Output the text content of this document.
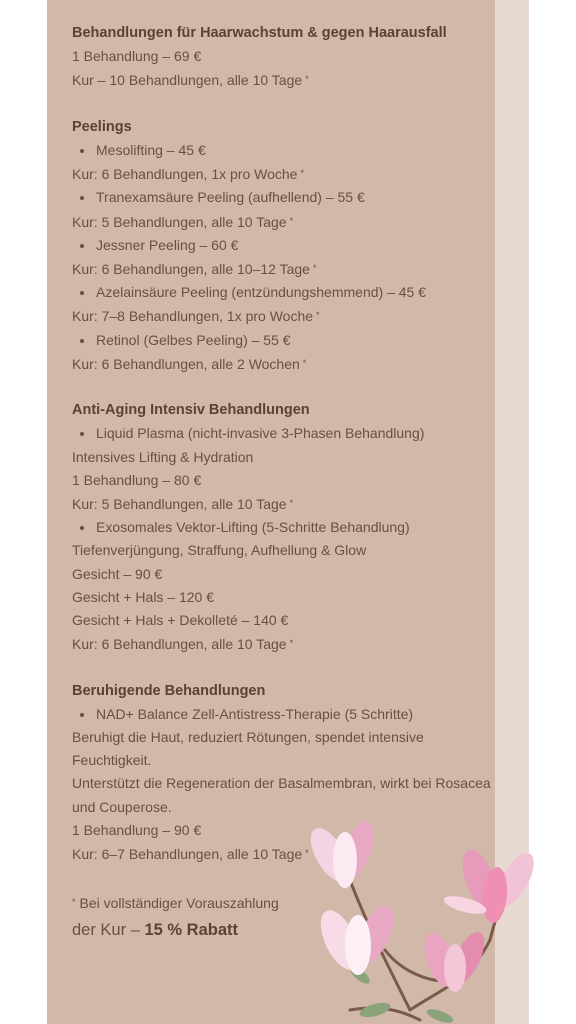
Behandlungen für Haarwachstum & gegen Haarausfall
1 Behandlung – 69 €
Kur – 10 Behandlungen, alle 10 Tage *
Peelings
Mesolifting – 45 €
Kur: 6 Behandlungen, 1x pro Woche *
Tranexamsäure Peeling (aufhellend) – 55 €
Kur: 5 Behandlungen, alle 10 Tage *
Jessner Peeling – 60 €
Kur: 6 Behandlungen, alle 10–12 Tage *
Azelainsäure Peeling (entzündungshemmend) – 45 €
Kur: 7–8 Behandlungen, 1x pro Woche *
Retinol (Gelbes Peeling) – 55 €
Kur: 6 Behandlungen, alle 2 Wochen *
Anti-Aging Intensiv Behandlungen
Liquid Plasma (nicht-invasive 3-Phasen Behandlung)
Intensives Lifting & Hydration
1 Behandlung – 80 €
Kur: 5 Behandlungen, alle 10 Tage *
Exosomales Vektor-Lifting (5-Schritte Behandlung)
Tiefenverjüngung, Straffung, Aufhellung & Glow
Gesicht – 90 €
Gesicht + Hals – 120 €
Gesicht + Hals + Dekolleté – 140 €
Kur: 6 Behandlungen, alle 10 Tage *
Beruhigende Behandlungen
NAD+ Balance Zell-Antistress-Therapie (5 Schritte)
Beruhigt die Haut, reduziert Rötungen, spendet intensive Feuchtigkeit.
Unterstützt die Regeneration der Basalmembran, wirkt bei Rosacea und Couperose.
1 Behandlung – 90 €
Kur: 6–7 Behandlungen, alle 10 Tage *
* Bei vollständiger Vorauszahlung
der Kur – 15 % Rabatt
